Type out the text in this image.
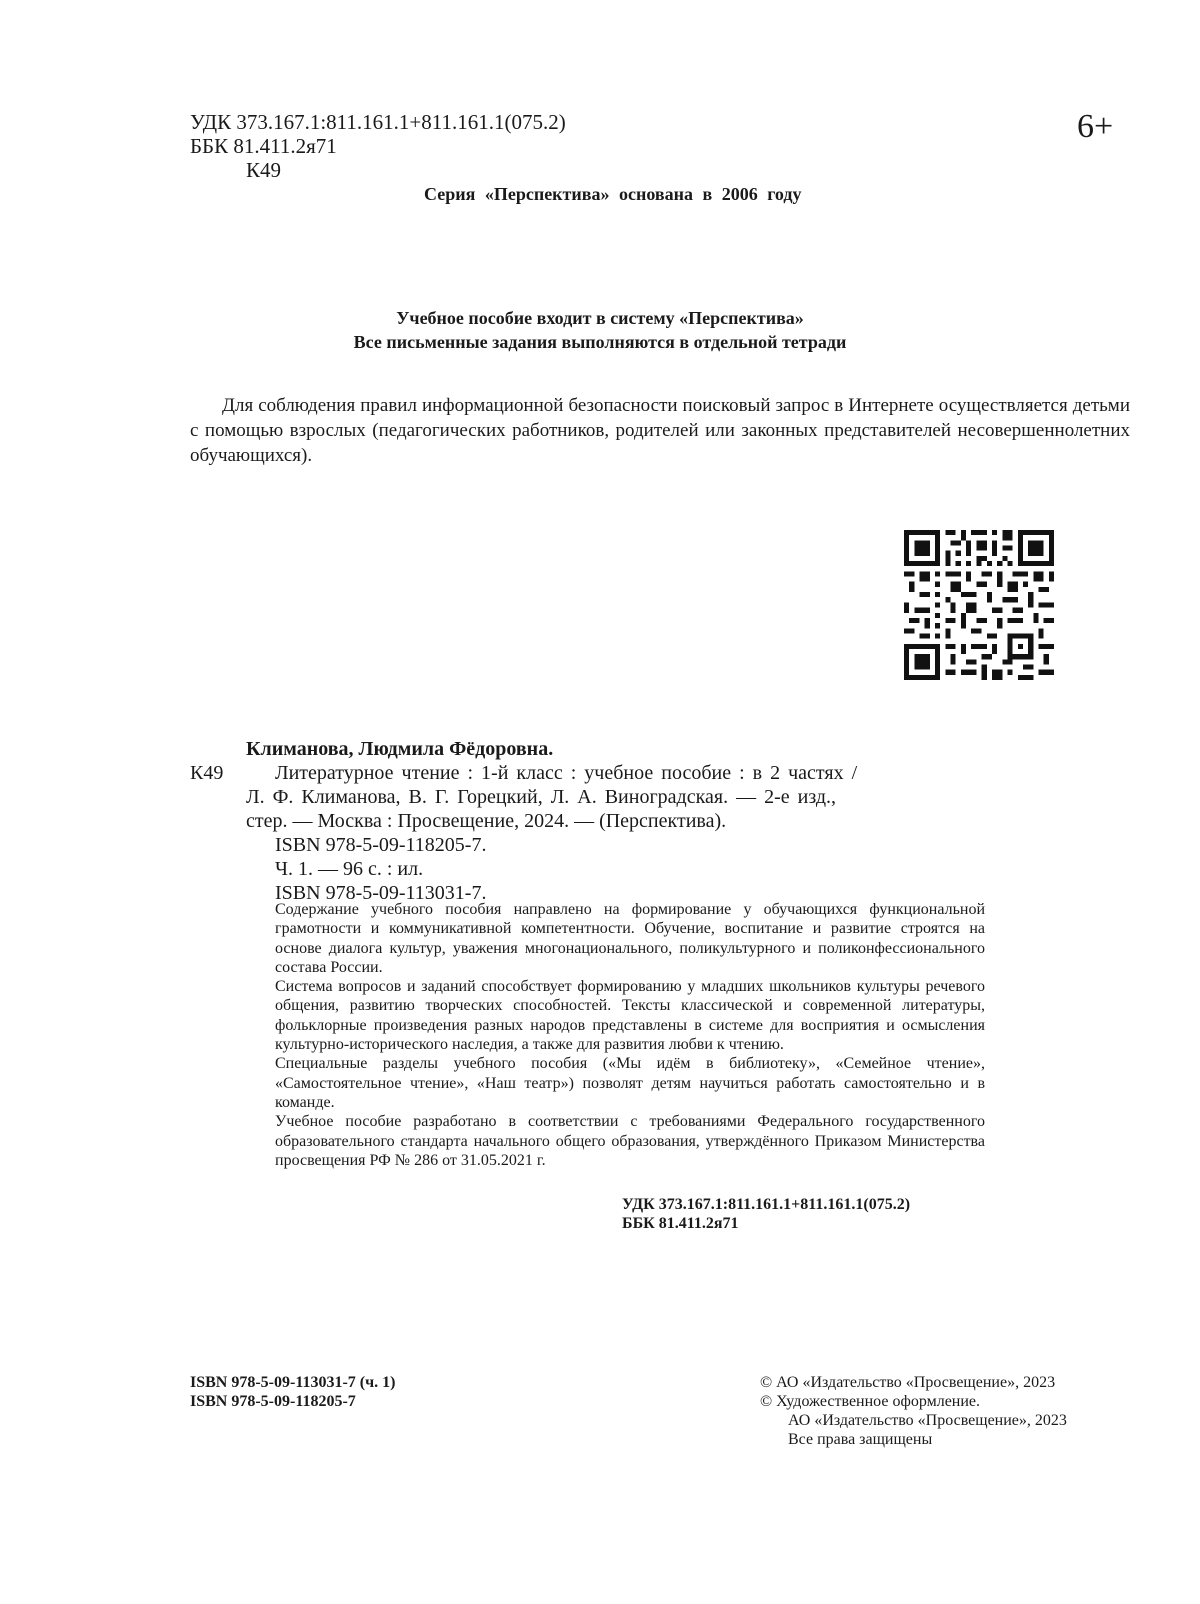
УДК 373.167.1:811.161.1+811.161.1(075.2)
ББК 81.411.2я71
К49
6+
Серия «Перспектива» основана в 2006 году
Учебное пособие входит в систему «Перспектива»
Все письменные задания выполняются в отдельной тетради

Для соблюдения правил информационной безопасности поисковый запрос в Интернете осуществляется детьми с помощью взрослых (педагогических работников, родителей или законных представителей несовершеннолетних обучающихся).

Климанова, Людмила Фёдоровна.
К49	Литературное чтение : 1-й класс : учебное пособие : в 2 частях /
Л. Ф. Климанова, В. Г. Горецкий, Л. А. Виноградская. — 2-е изд.,
стер. — Москва : Просвещение, 2024. — (Перспектива).
ISBN 978-5-09-118205-7.
Ч. 1. — 96 с. : ил.
ISBN 978-5-09-113031-7.

Содержание учебного пособия направлено на формирование у обучающихся функциональной грамотности и коммуникативной компетентности. Обучение, воспитание и развитие строятся на основе диалога культур, уважения многонационального, поликультурного и поликонфессионального состава России.

Система вопросов и заданий способствует формированию у младших школьников культуры речевого общения, развитию творческих способностей. Тексты классической и современной литературы, фольклорные произведения разных народов представлены в системе для восприятия и осмысления культурно-исторического наследия, а также для развития любви к чтению.

Специальные разделы учебного пособия («Мы идём в библиотеку», «Семейное чтение», «Самостоятельное чтение», «Наш театр») позволят детям научиться работать самостоятельно и в команде.

Учебное пособие разработано в соответствии с требованиями Федерального государственного образовательного стандарта начального общего образования, утверждённого Приказом Министерства просвещения РФ № 286 от 31.05.2021 г.

УДК 373.167.1:811.161.1+811.161.1(075.2)
ББК 81.411.2я71
ISBN 978-5-09-113031-7 (ч. 1)
ISBN 978-5-09-118205-7
© АО «Издательство «Просвещение», 2023
© Художественное оформление.
АО «Издательство «Просвещение», 2023
Все права защищены
